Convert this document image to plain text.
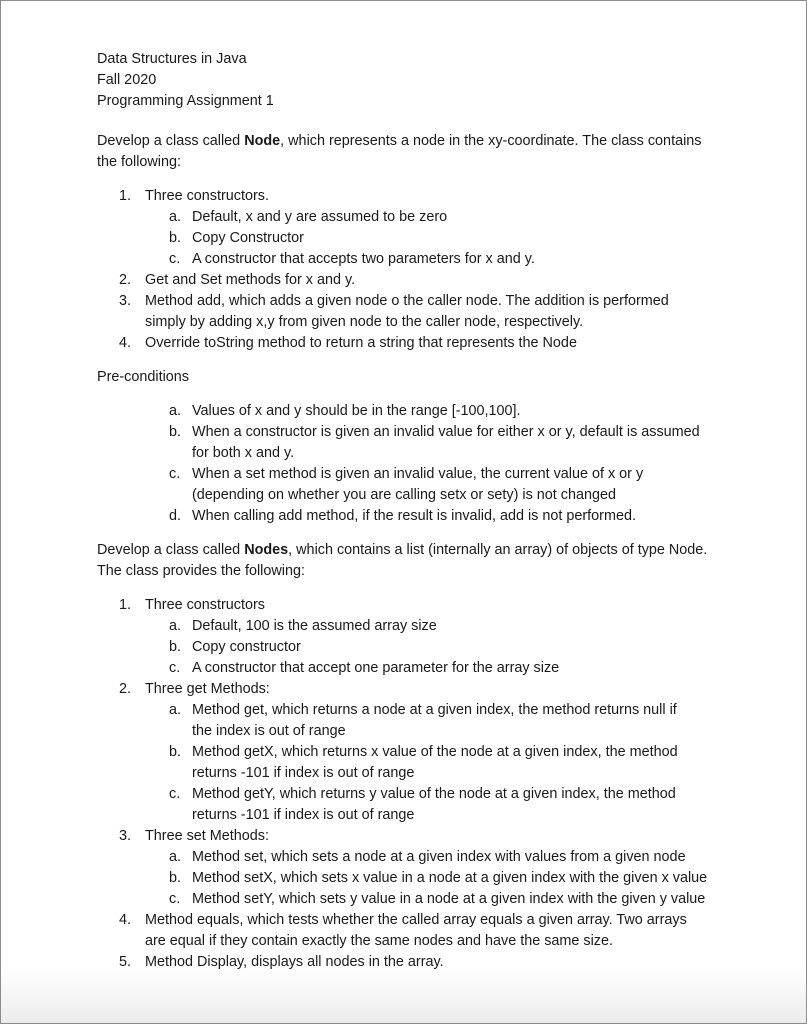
Data Structures in Java
Fall 2020
Programming Assignment 1
Develop a class called Node, which represents a node in the xy-coordinate. The class contains
the following:
1. Three constructors.
a. Default, x and y are assumed to be zero
b. Copy Constructor
c. A constructor that accepts two parameters for x and y.
2. Get and Set methods for x and y.
3. Method add, which adds a given node o the caller node. The addition is performed
simply by adding x,y from given node to the caller node, respectively.
4. Override toString method to return a string that represents the Node
Pre-conditions
a. Values of x and y should be in the range [-100,100].
b. When a constructor is given an invalid value for either x or y, default is assumed
for both x and y.
c. When a set method is given an invalid value, the current value of x or y
(depending on whether you are calling setx or sety) is not changed
d. When calling add method, if the result is invalid, add is not performed.
Develop a class called Nodes, which contains a list (internally an array) of objects of type Node.
The class provides the following:
1. Three constructors
a. Default, 100 is the assumed array size
b. Copy constructor
c. A constructor that accept one parameter for the array size
2. Three get Methods:
a. Method get, which returns a node at a given index, the method returns null if
the index is out of range
b. Method getX, which returns x value of the node at a given index, the method
returns -101 if index is out of range
c. Method getY, which returns y value of the node at a given index, the method
returns -101 if index is out of range
3. Three set Methods:
a. Method set, which sets a node at a given index with values from a given node
b. Method setX, which sets x value in a node at a given index with the given x value
c. Method setY, which sets y value in a node at a given index with the given y value
4. Method equals, which tests whether the called array equals a given array. Two arrays
are equal if they contain exactly the same nodes and have the same size.
5. Method Display, displays all nodes in the array.
